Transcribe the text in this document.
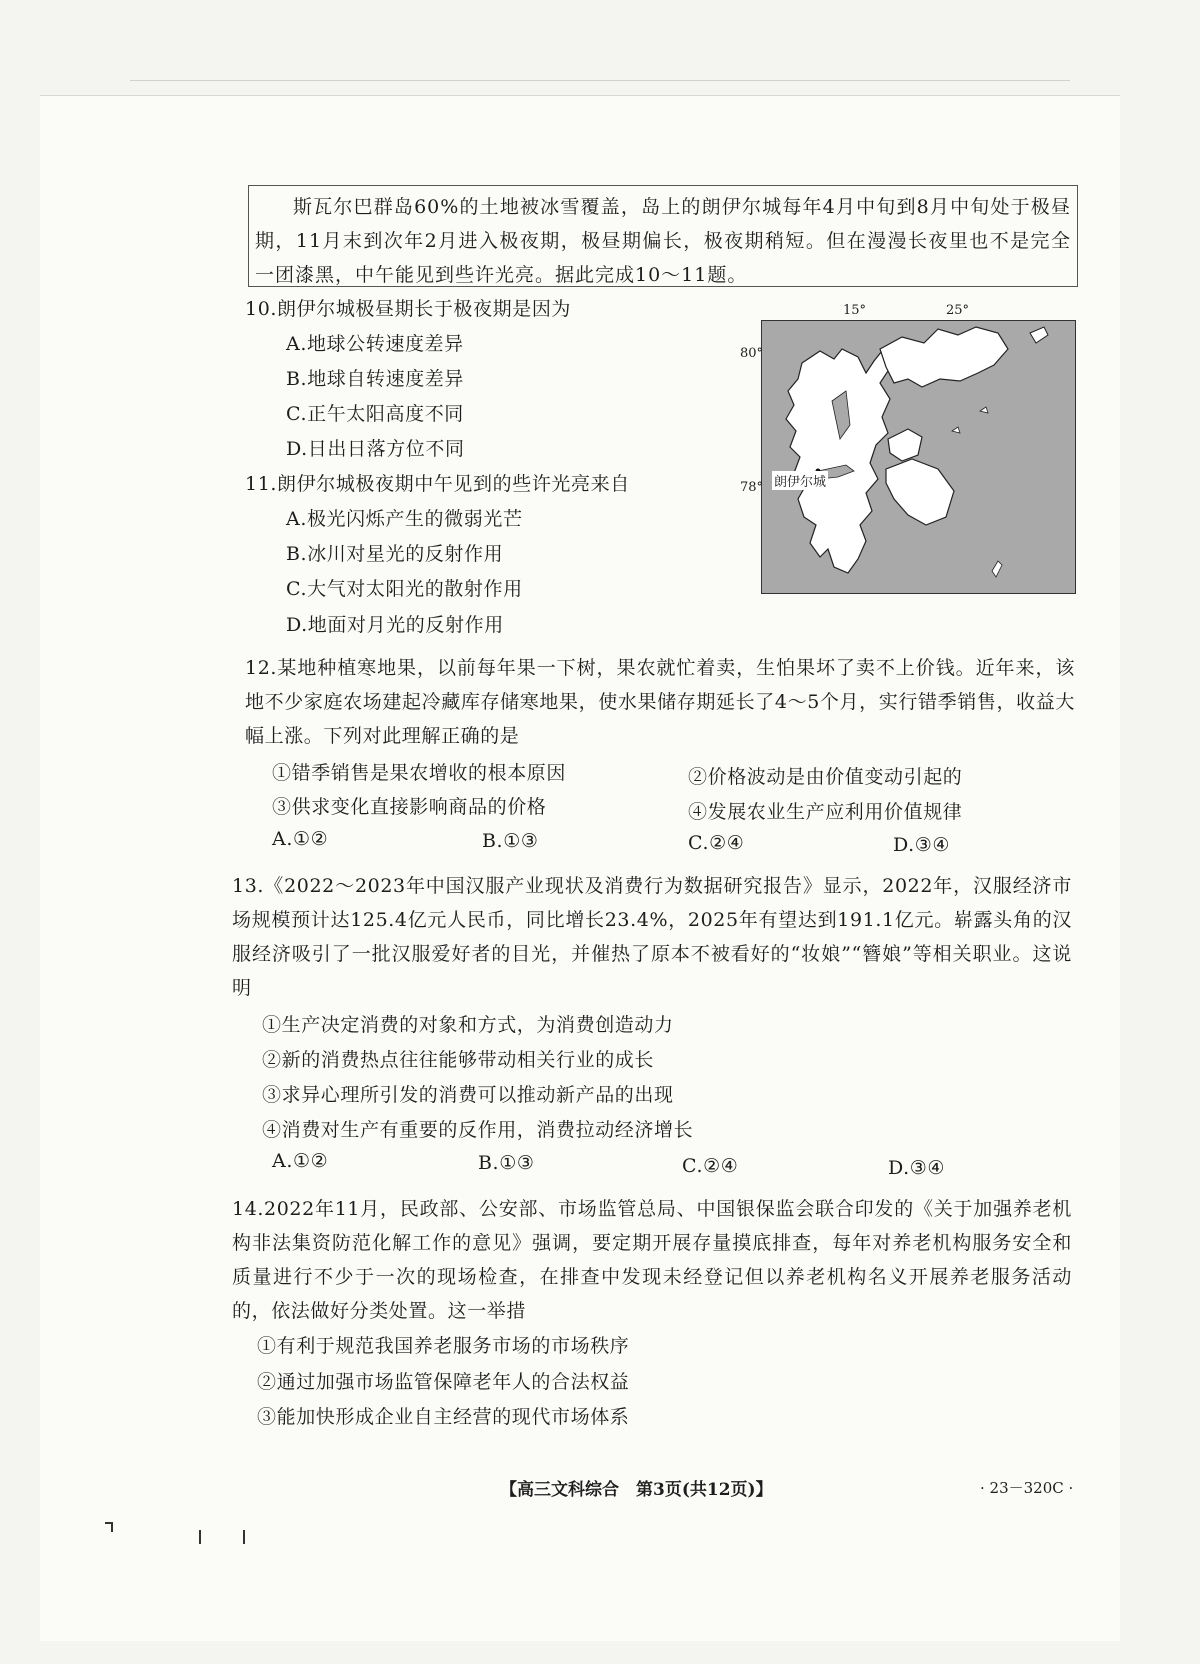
斯瓦尔巴群岛60%的土地被冰雪覆盖，岛上的朗伊尔城每年4月中旬到8月中旬处于极昼期，11月末到次年2月进入极夜期，极昼期偏长，极夜期稍短。但在漫漫长夜里也不是完全一团漆黑，中午能见到些许光亮。据此完成10～11题。
朗伊尔城
15°	25°
80°
78°
10.朗伊尔城极昼期长于极夜期是因为
A.地球公转速度差异
B.地球自转速度差异
C.正午太阳高度不同
D.日出日落方位不同
11.朗伊尔城极夜期中午见到的些许光亮来自
A.极光闪烁产生的微弱光芒
B.冰川对星光的反射作用
C.大气对太阳光的散射作用
D.地面对月光的反射作用
12.某地种植寒地果，以前每年果一下树，果农就忙着卖，生怕果坏了卖不上价钱。近年来，该地不少家庭农场建起冷藏库存储寒地果，使水果储存期延长了4～5个月，实行错季销售，收益大幅上涨。下列对此理解正确的是
①错季销售是果农增收的根本原因	②价格波动是由价值变动引起的
③供求变化直接影响商品的价格	④发展农业生产应利用价值规律
A.①②	B.①③	C.②④	D.③④
13.《2022～2023年中国汉服产业现状及消费行为数据研究报告》显示，2022年，汉服经济市场规模预计达125.4亿元人民币，同比增长23.4%，2025年有望达到191.1亿元。崭露头角的汉服经济吸引了一批汉服爱好者的目光，并催热了原本不被看好的“妆娘”“簪娘”等相关职业。这说明
①生产决定消费的对象和方式，为消费创造动力
②新的消费热点往往能够带动相关行业的成长
③求异心理所引发的消费可以推动新产品的出现
④消费对生产有重要的反作用，消费拉动经济增长
A.①②	B.①③	C.②④	D.③④
14.2022年11月，民政部、公安部、市场监管总局、中国银保监会联合印发的《关于加强养老机构非法集资防范化解工作的意见》强调，要定期开展存量摸底排查，每年对养老机构服务安全和质量进行不少于一次的现场检查，在排查中发现未经登记但以养老机构名义开展养老服务活动的，依法做好分类处置。这一举措
①有利于规范我国养老服务市场的市场秩序
②通过加强市场监管保障老年人的合法权益
③能加快形成企业自主经营的现代市场体系
【高三文科综合　第3页(共12页)】	· 23－320C ·
